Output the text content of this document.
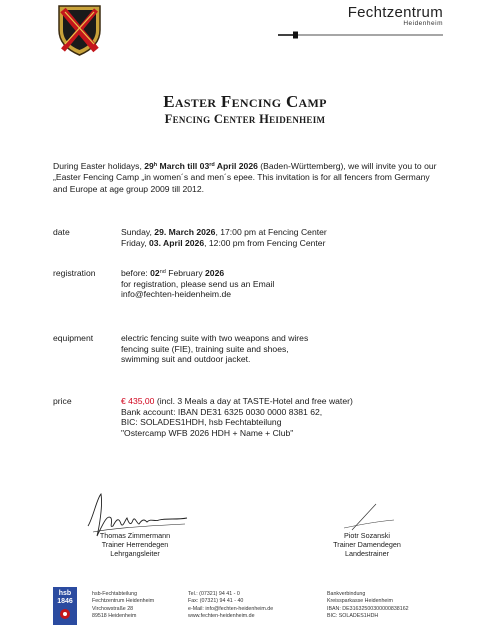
Fechtzentrum
Heidenheim
Easter Fencing Camp
Fencing Center Heidenheim
During Easter holidays, 29$^h$ March till 03rd April 2026 (Baden-Württemberg), we will invite you to our „Easter Fencing Camp „in women´s and men´s epee. This invitation is for all fencers from Germany and Europe at age group 2009 till 2012.
date	Sunday, 29. March 2026, 17:00 pm at Fencing Center
Friday, 03. April 2026, 12:00 pm from Fencing Center
registration	before: 02nd February 2026
for registration, please send us an Email
info@fechten-heidenheim.de
equipment	electric fencing suite with two weapons and wires
fencing suite (FIE), training suite and shoes,
swimming suit and outdoor jacket.
price	€ 435,00 (incl. 3 Meals a day at TASTE-Hotel and free water)
Bank account: IBAN DE31 6325 0030 0000 8381 62,
BIC: SOLADES1HDH, hsb Fechtabteilung
"Ostercamp WFB 2026 HDH + Name + Club"
Thomas Zimmermann
Trainer Herrendegen
Lehrgangsleiter
Piotr Sozanski
Trainer Damendegen
Landestrainer
hsb
1846
hsb-Fechtabteilung
Fechtzentrum Heidenheim
Virchowstraße 28
89518 Heidenheim
Tel.: (07321) 94 41 - 0
Fax: (07321) 94 41 - 40
e-Mail: info@fechten-heidenheim.de
www.fechten-heidenheim.de
Bankverbindung
Kreissparkasse Heidenheim
IBAN: DE31632500300000838162
BIC: SOLADES1HDH
